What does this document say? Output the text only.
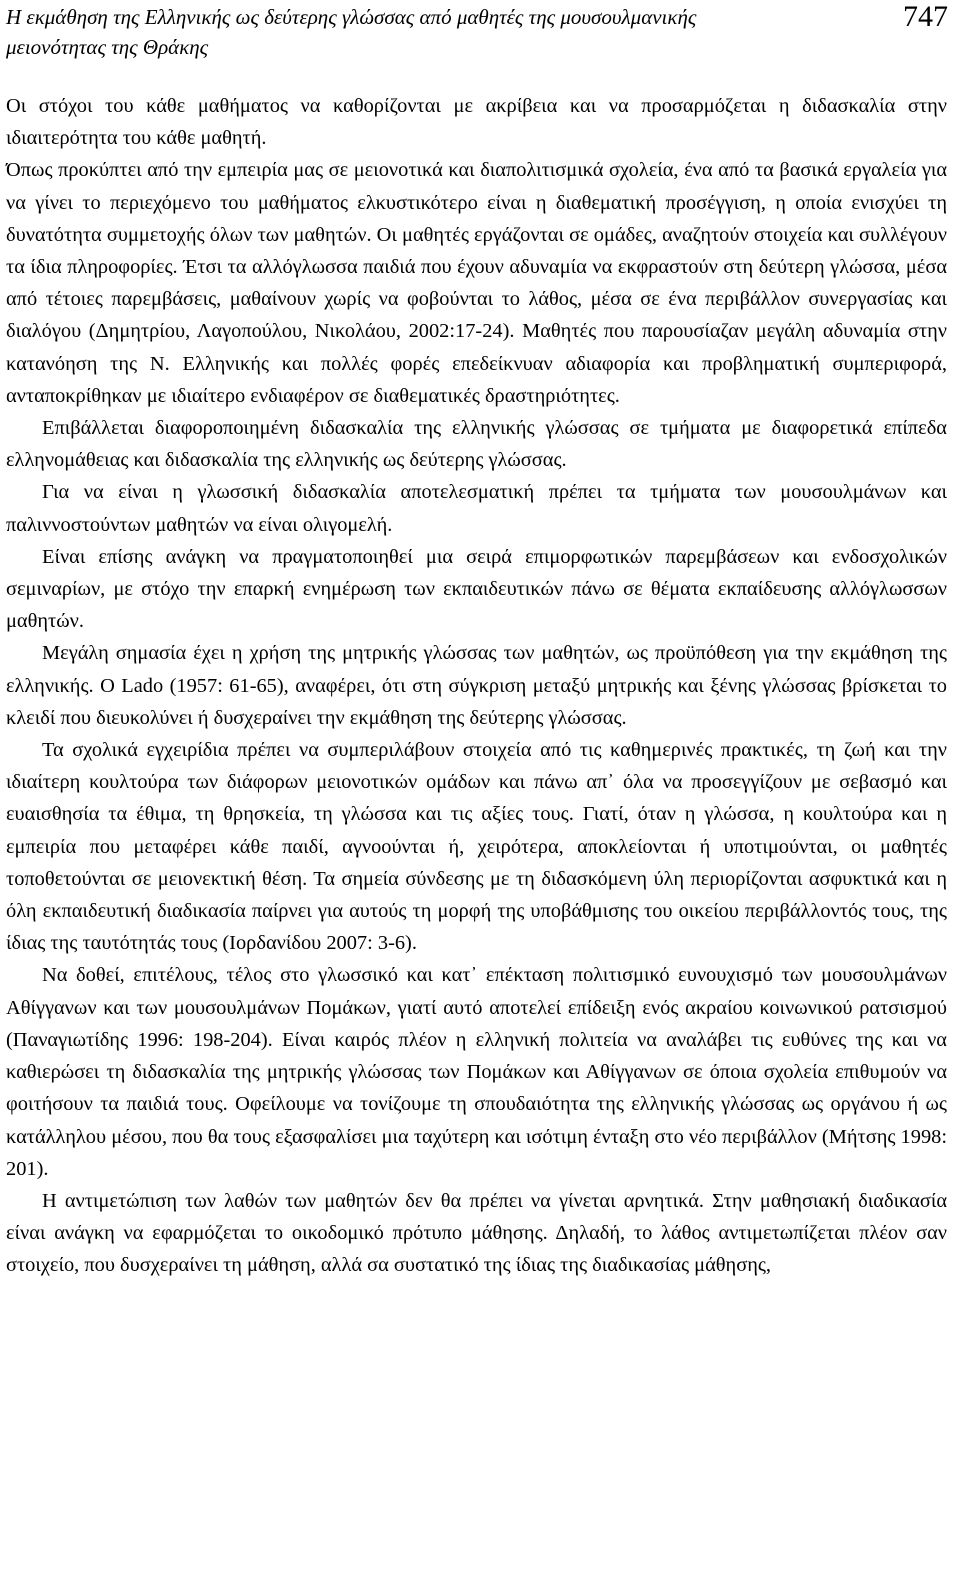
Η εκμάθηση της Ελληνικής ως δεύτερης γλώσσας από μαθητές της μουσουλμανικής μειονότητας της Θράκης

747

Οι στόχοι του κάθε μαθήματος να καθορίζονται με ακρίβεια και να προσαρμόζεται η διδασκαλία στην ιδιαιτερότητα του κάθε μαθητή.

Όπως προκύπτει από την εμπειρία μας σε μειονοτικά και διαπολιτισμικά σχολεία, ένα από τα βασικά εργαλεία για να γίνει το περιεχόμενο του μαθήματος ελκυστικότερο είναι η διαθεματική προσέγγιση, η οποία ενισχύει τη δυνατότητα συμμετοχής όλων των μαθητών. Οι μαθητές εργάζονται σε ομάδες, αναζητούν στοιχεία και συλλέγουν τα ίδια πληροφορίες. Έτσι τα αλλόγλωσσα παιδιά που έχουν αδυναμία να εκφραστούν στη δεύτερη γλώσσα, μέσα από τέτοιες παρεμβάσεις, μαθαίνουν χωρίς να φοβούνται το λάθος, μέσα σε ένα περιβάλλον συνεργασίας και διαλόγου (Δημητρίου, Λαγοπούλου, Νικολάου, 2002:17-24). Μαθητές που παρουσίαζαν μεγάλη αδυναμία στην κατανόηση της Ν. Ελληνικής και πολλές φορές επεδείκνυαν αδιαφορία και προβληματική συμπεριφορά, ανταποκρίθηκαν με ιδιαίτερο ενδιαφέρον σε διαθεματικές δραστηριότητες.

Επιβάλλεται διαφοροποιημένη διδασκαλία της ελληνικής γλώσσας σε τμήματα με διαφορετικά επίπεδα ελληνομάθειας και διδασκαλία της ελληνικής ως δεύτερης γλώσσας.

Για να είναι η γλωσσική διδασκαλία αποτελεσματική πρέπει τα τμήματα των μουσουλμάνων και παλιννοστούντων μαθητών να είναι ολιγομελή.

Είναι επίσης ανάγκη να πραγματοποιηθεί μια σειρά επιμορφωτικών παρεμβάσεων και ενδοσχολικών σεμιναρίων, με στόχο την επαρκή ενημέρωση των εκπαιδευτικών πάνω σε θέματα εκπαίδευσης αλλόγλωσσων μαθητών.

Μεγάλη σημασία έχει η χρήση της μητρικής γλώσσας των μαθητών, ως προϋπόθεση για την εκμάθηση της ελληνικής. Ο Lado (1957: 61-65), αναφέρει, ότι στη σύγκριση μεταξύ μητρικής και ξένης γλώσσας βρίσκεται το κλειδί που διευκολύνει ή δυσχεραίνει την εκμάθηση της δεύτερης γλώσσας.

Τα σχολικά εγχειρίδια πρέπει να συμπεριλάβουν στοιχεία από τις καθημερινές πρακτικές, τη ζωή και την ιδιαίτερη κουλτούρα των διάφορων μειονοτικών ομάδων και πάνω απ᾽ όλα να προσεγγίζουν με σεβασμό και ευαισθησία τα έθιμα, τη θρησκεία, τη γλώσσα και τις αξίες τους. Γιατί, όταν η γλώσσα, η κουλτούρα και η εμπειρία που μεταφέρει κάθε παιδί, αγνοούνται ή, χειρότερα, αποκλείονται ή υποτιμούνται, οι μαθητές τοποθετούνται σε μειονεκτική θέση. Τα σημεία σύνδεσης με τη διδασκόμενη ύλη περιορίζονται ασφυκτικά και η όλη εκπαιδευτική διαδικασία παίρνει για αυτούς τη μορφή της υποβάθμισης του οικείου περιβάλλοντός τους, της ίδιας της ταυτότητάς τους (Ιορδανίδου 2007: 3-6).

Να δοθεί, επιτέλους, τέλος στο γλωσσικό και κατ᾽ επέκταση πολιτισμικό ευνουχισμό των μουσουλμάνων Αθίγγανων και των μουσουλμάνων Πομάκων, γιατί αυτό αποτελεί επίδειξη ενός ακραίου κοινωνικού ρατσισμού (Παναγιωτίδης 1996: 198-204). Είναι καιρός πλέον η ελληνική πολιτεία να αναλάβει τις ευθύνες της και να καθιερώσει τη διδασκαλία της μητρικής γλώσσας των Πομάκων και Αθίγγανων σε όποια σχολεία επιθυμούν να φοιτήσουν τα παιδιά τους. Οφείλουμε να τονίζουμε τη σπουδαιότητα της ελληνικής γλώσσας ως οργάνου ή ως κατάλληλου μέσου, που θα τους εξασφαλίσει μια ταχύτερη και ισότιμη ένταξη στο νέο περιβάλλον (Μήτσης 1998: 201).

Η αντιμετώπιση των λαθών των μαθητών δεν θα πρέπει να γίνεται αρνητικά. Στην μαθησιακή διαδικασία είναι ανάγκη να εφαρμόζεται το οικοδομικό πρότυπο μάθησης. Δηλαδή, το λάθος αντιμετωπίζεται πλέον σαν στοιχείο, που δυσχεραίνει τη μάθηση, αλλά σα συστατικό της ίδιας της διαδικασίας μάθησης,
